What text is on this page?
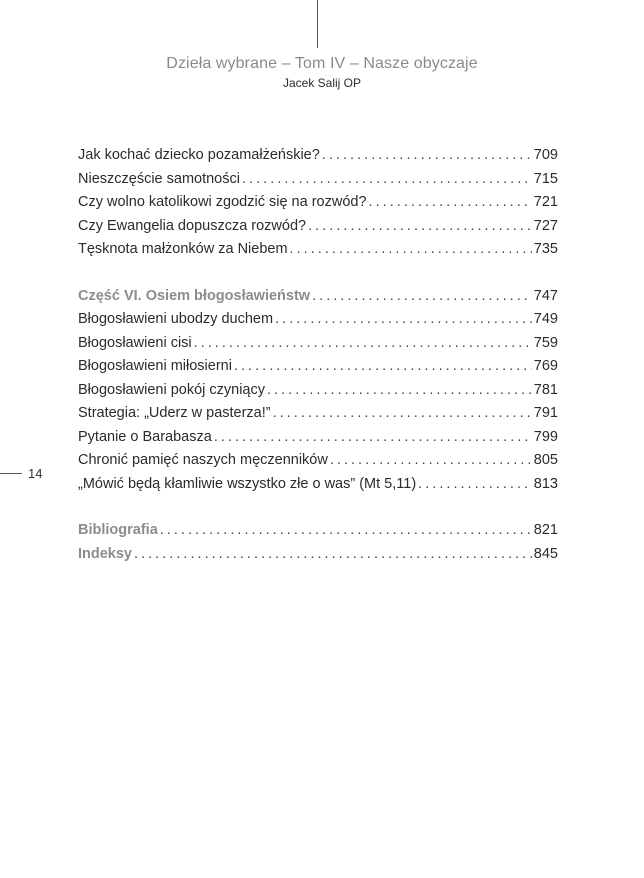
Dzieła wybrane – Tom IV – Nasze obyczaje
Jacek Salij OP
14
Jak kochać dziecko pozamałżeńskie? . . .	709
Nieszczęście samotności . . .	715
Czy wolno katolikowi zgodzić się na rozwód? . . .	721
Czy Ewangelia dopuszcza rozwód? . . .	727
Tęsknota małżonków za Niebem . . .	735
Część VI. Osiem błogosławieństw . . .	747
Błogosławieni ubodzy duchem . . .	749
Błogosławieni cisi . . .	759
Błogosławieni miłosierni . . .	769
Błogosławieni pokój czyniący . . .	781
Strategia: „Uderz w pasterza!” . . .	791
Pytanie o Barabasza . . .	799
Chronić pamięć naszych męczenników . . .	805
„Mówić będą kłamliwie wszystko złe o was” (Mt 5,11) . . .	813
Bibliografia . . .	821
Indeksy . . .	845
